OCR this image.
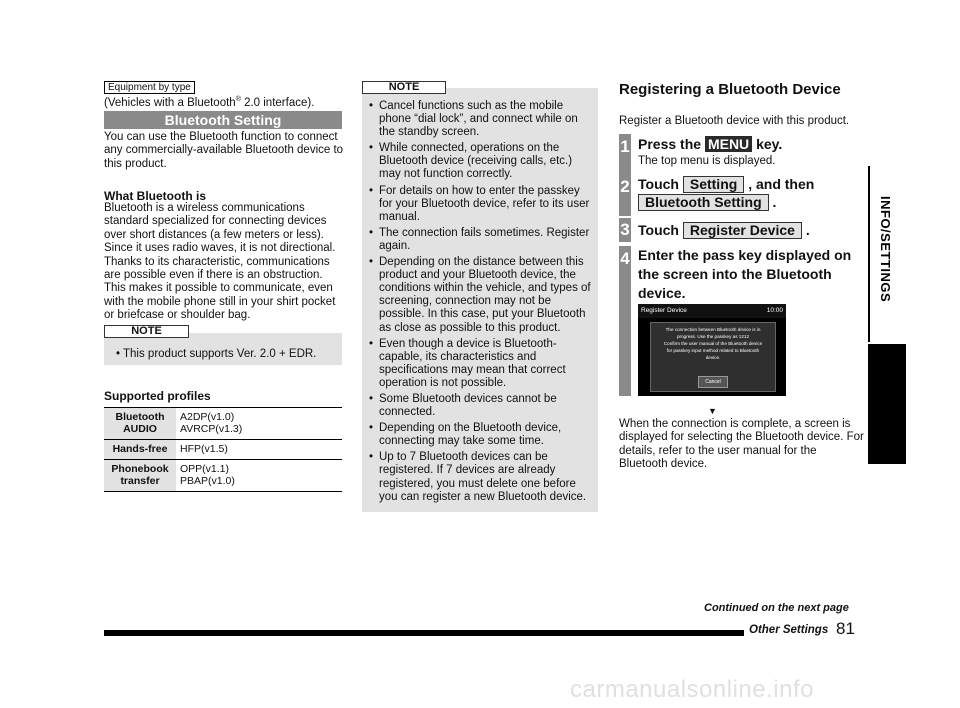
Equipment by type
(Vehicles with a Bluetooth® 2.0 interface).
Bluetooth Setting
You can use the Bluetooth function to connect any commercially-available Bluetooth device to this product.
What Bluetooth is
Bluetooth is a wireless communications standard specialized for connecting devices over short distances (a few meters or less). Since it uses radio waves, it is not directional. Thanks to its characteristic, communications are possible even if there is an obstruction. This makes it possible to communicate, even with the mobile phone still in your shirt pocket or briefcase or shoulder bag.
NOTE
• This product supports Ver. 2.0 + EDR.
Supported profiles
Bluetooth AUDIO	A2DP(v1.0)
AVRCP(v1.3)

Hands-free	HFP(v1.5)

Phonebook transfer	OPP(v1.1)
PBAP(v1.0)
NOTE
• Cancel functions such as the mobile phone “dial lock”, and connect while on the standby screen.
• While connected, operations on the Bluetooth device (receiving calls, etc.) may not function correctly.
• For details on how to enter the passkey for your Bluetooth device, refer to its user manual.
• The connection fails sometimes. Register again.
• Depending on the distance between this product and your Bluetooth device, the conditions within the vehicle, and types of screening, connection may not be possible. In this case, put your Bluetooth as close as possible to this product.
• Even though a device is Bluetooth-capable, its characteristics and specifications may mean that correct operation is not possible.
• Some Bluetooth devices cannot be connected.
• Depending on the Bluetooth device, connecting may take some time.
• Up to 7 Bluetooth devices can be registered. If 7 devices are already registered, you must delete one before you can register a new Bluetooth device.
Registering a Bluetooth Device
Register a Bluetooth device with this product.
1 Press the MENU key.
The top menu is displayed.
2 Touch Setting , and then
Bluetooth Setting .
3 Touch Register Device .
4 Enter the pass key displayed on the screen into the Bluetooth device.
Register Device	10:00
The connection between Bluetooth device is in
progress. Use the passkey as 1212
Confirm the user manual of the Bluetooth device
for passkey input method related to Bluetooth
device.
Cancel
▼
When the connection is complete, a screen is displayed for selecting the Bluetooth device. For details, refer to the user manual for the Bluetooth device.
INFO/SETTINGS
SETTINGS
Continued on the next page
Other Settings 81
carmanualsonline.info
